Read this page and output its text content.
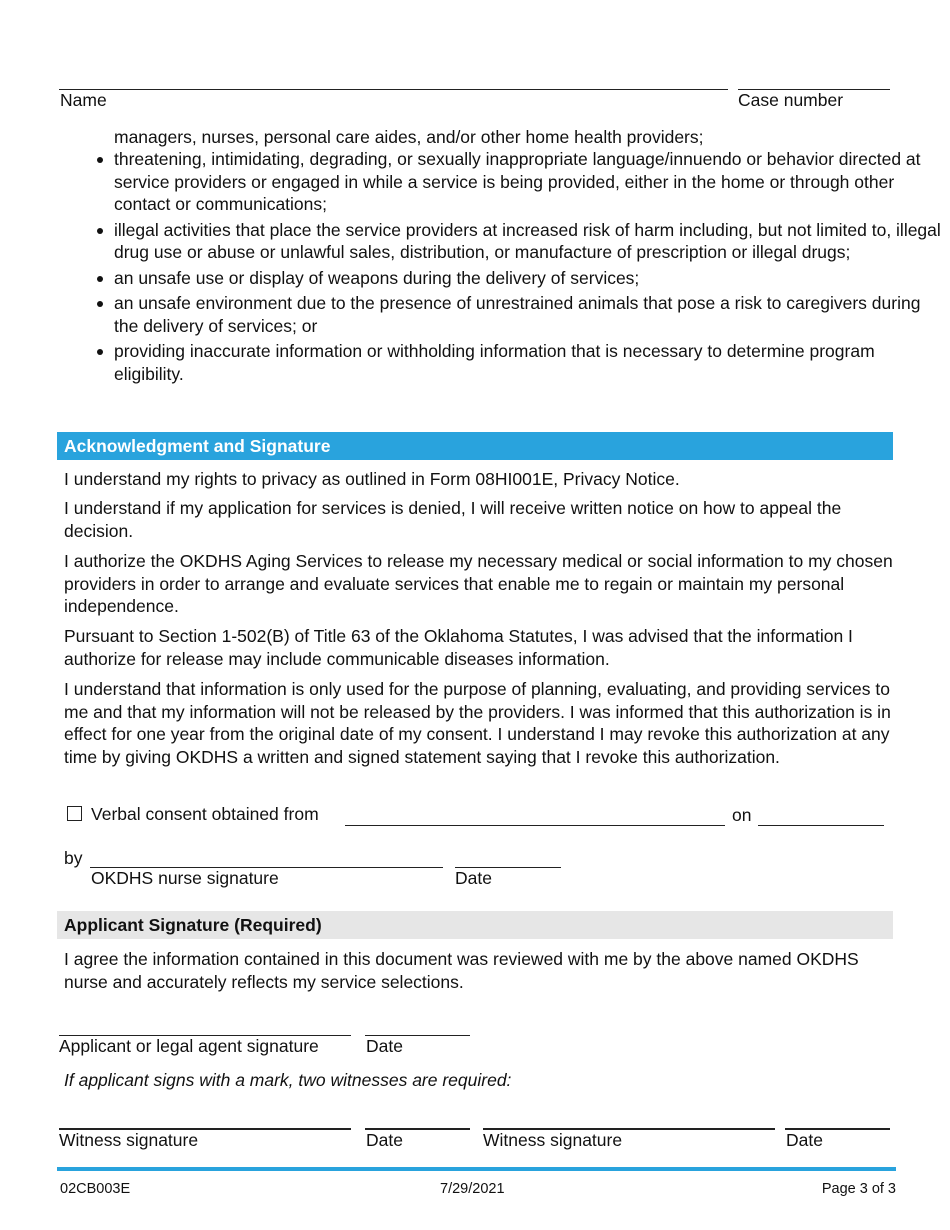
Name	Case number
managers, nurses, personal care aides, and/or other home health providers;
threatening, intimidating, degrading, or sexually inappropriate language/innuendo or behavior directed at service providers or engaged in while a service is being provided, either in the home or through other contact or communications;
illegal activities that place the service providers at increased risk of harm including, but not limited to, illegal drug use or abuse or unlawful sales, distribution, or manufacture of prescription or illegal drugs;
an unsafe use or display of weapons during the delivery of services;
an unsafe environment due to the presence of unrestrained animals that pose a risk to caregivers during the delivery of services; or
providing inaccurate information or withholding information that is necessary to determine program eligibility.
Acknowledgment and Signature
I understand my rights to privacy as outlined in Form 08HI001E, Privacy Notice.
I understand if my application for services is denied, I will receive written notice on how to appeal the decision.
I authorize the OKDHS Aging Services to release my necessary medical or social information to my chosen providers in order to arrange and evaluate services that enable me to regain or maintain my personal independence.
Pursuant to Section 1-502(B) of Title 63 of the Oklahoma Statutes, I was advised that the information I authorize for release may include communicable diseases information.
I understand that information is only used for the purpose of planning, evaluating, and providing services to me and that my information will not be released by the providers. I was informed that this authorization is in effect for one year from the original date of my consent. I understand I may revoke this authorization at any time by giving OKDHS a written and signed statement saying that I revoke this authorization.
Verbal consent obtained from	on
by
OKDHS nurse signature	Date
Applicant Signature (Required)
I agree the information contained in this document was reviewed with me by the above named OKDHS nurse and accurately reflects my service selections.
Applicant or legal agent signature	Date
If applicant signs with a mark, two witnesses are required:
Witness signature	Date	Witness signature	Date
02CB003E	7/29/2021	Page 3 of 3
